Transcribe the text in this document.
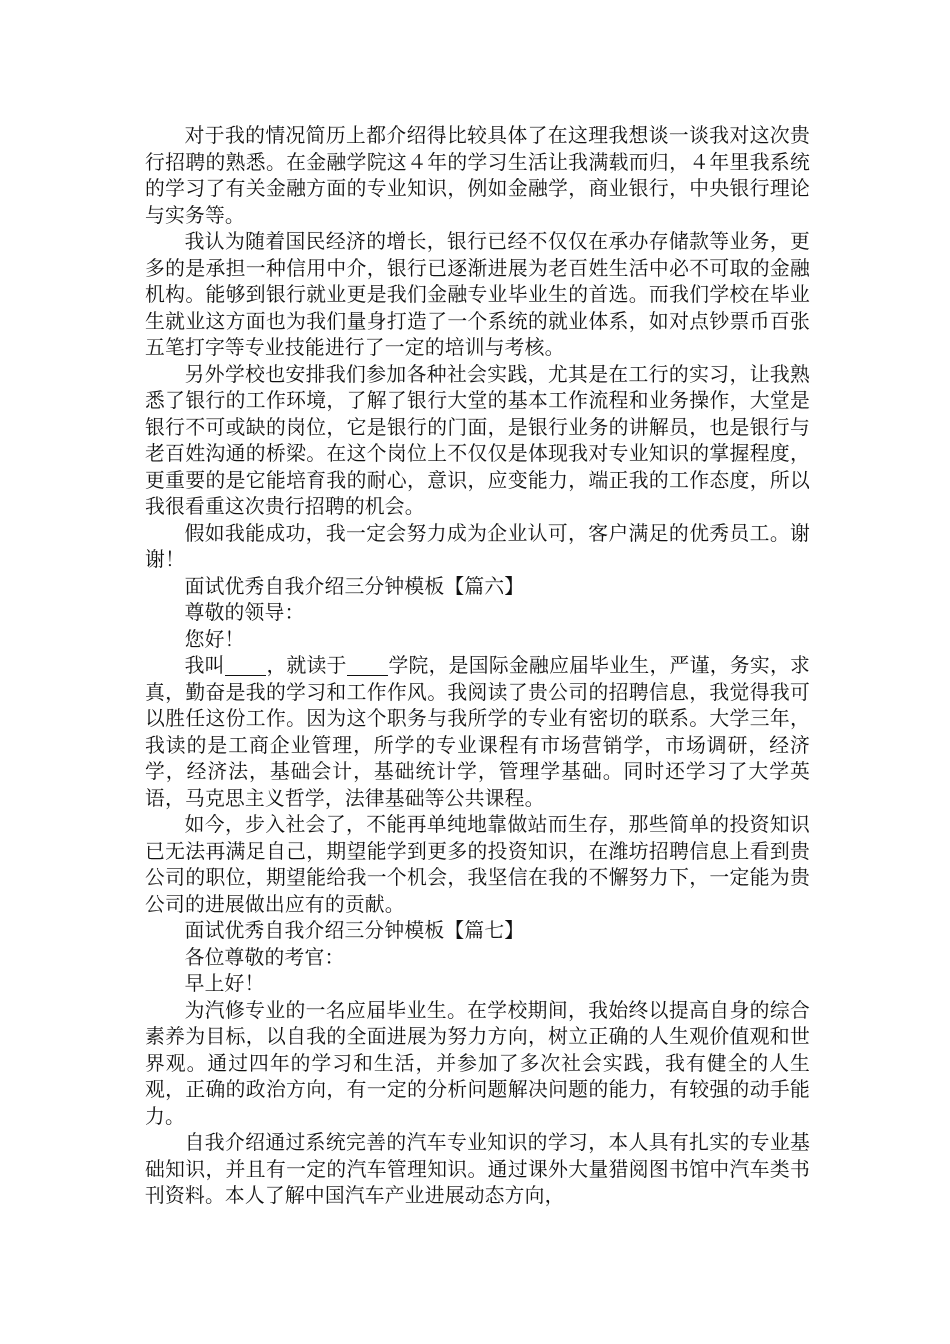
对于我的情况简历上都介绍得比较具体了在这理我想谈一谈我对这次贵行招聘的熟悉。在金融学院这４年的学习生活让我满载而归，４年里我系统的学习了有关金融方面的专业知识，例如金融学，商业银行，中央银行理论与实务等。

我认为随着国民经济的增长，银行已经不仅仅在承办存储款等业务，更多的是承担一种信用中介，银行已逐渐进展为老百姓生活中必不可取的金融机构。能够到银行就业更是我们金融专业毕业生的首选。而我们学校在毕业生就业这方面也为我们量身打造了一个系统的就业体系，如对点钞票币百张五笔打字等专业技能进行了一定的培训与考核。

另外学校也安排我们参加各种社会实践，尤其是在工行的实习，让我熟悉了银行的工作环境，了解了银行大堂的基本工作流程和业务操作，大堂是银行不可或缺的岗位，它是银行的门面，是银行业务的讲解员，也是银行与老百姓沟通的桥梁。在这个岗位上不仅仅是体现我对专业知识的掌握程度，更重要的是它能培育我的耐心，意识，应变能力，端正我的工作态度，所以我很看重这次贵行招聘的机会。

假如我能成功，我一定会努力成为企业认可，客户满足的优秀员工。谢谢！

面试优秀自我介绍三分钟模板【篇六】

尊敬的领导：

您好！

我叫 ，就读于 学院，是国际金融应届毕业生，严谨，务实，求真，勤奋是我的学习和工作作风。我阅读了贵公司的招聘信息，我觉得我可以胜任这份工作。因为这个职务与我所学的专业有密切的联系。大学三年，我读的是工商企业管理，所学的专业课程有市场营销学，市场调研，经济学，经济法，基础会计，基础统计学，管理学基础。同时还学习了大学英语，马克思主义哲学，法律基础等公共课程。

如今，步入社会了，不能再单纯地靠做站而生存，那些简单的投资知识已无法再满足自己，期望能学到更多的投资知识，在潍坊招聘信息上看到贵公司的职位，期望能给我一个机会，我坚信在我的不懈努力下，一定能为贵公司的进展做出应有的贡献。

面试优秀自我介绍三分钟模板【篇七】

各位尊敬的考官：

早上好！

为汽修专业的一名应届毕业生。在学校期间，我始终以提高自身的综合素养为目标，以自我的全面进展为努力方向，树立正确的人生观价值观和世界观。通过四年的学习和生活，并参加了多次社会实践，我有健全的人生观，正确的政治方向，有一定的分析问题解决问题的能力，有较强的动手能力。

自我介绍通过系统完善的汽车专业知识的学习，本人具有扎实的专业基础知识，并且有一定的汽车管理知识。通过课外大量猎阅图书馆中汽车类书刊资料。本人了解中国汽车产业进展动态方向，
